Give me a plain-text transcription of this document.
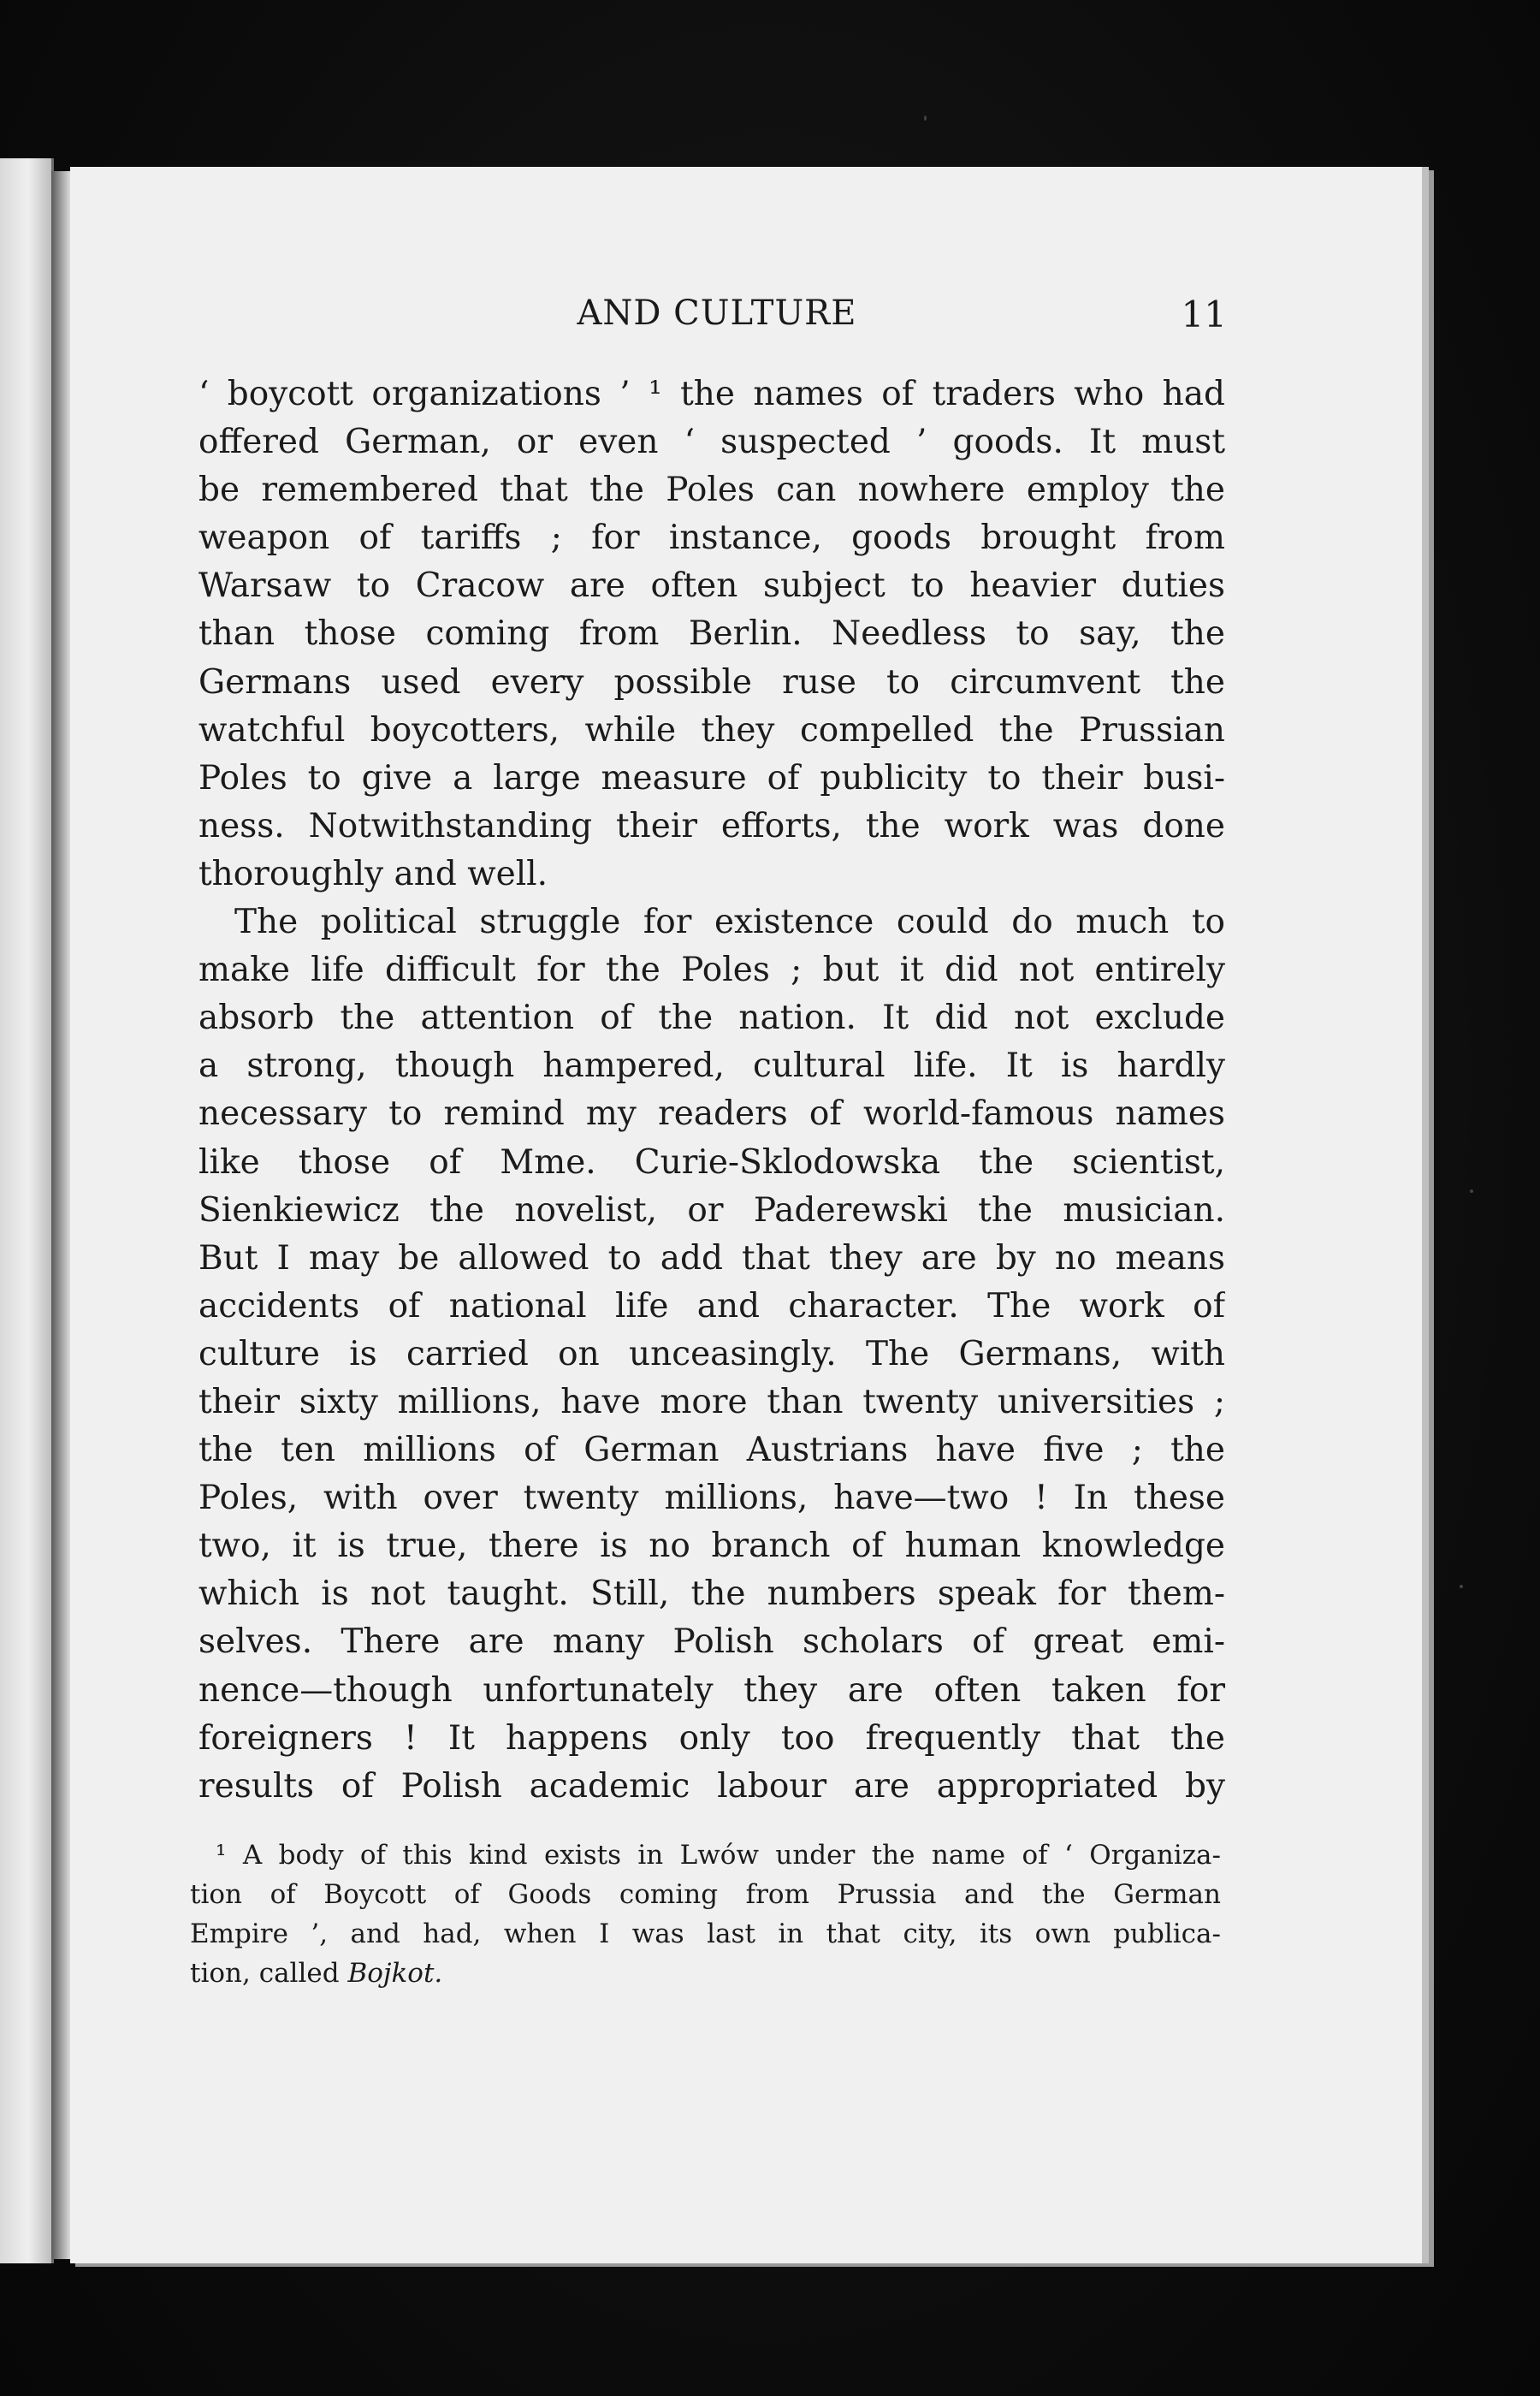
AND CULTURE	11
‘ boycott organizations ’ ¹ the names of traders who had
offered German, or even ‘ suspected ’ goods. It must
be remembered that the Poles can nowhere employ the
weapon of tariffs ; for instance, goods brought from
Warsaw to Cracow are often subject to heavier duties
than those coming from Berlin. Needless to say, the
Germans used every possible ruse to circumvent the
watchful boycotters, while they compelled the Prussian
Poles to give a large measure of publicity to their busi-
ness. Notwithstanding their efforts, the work was done
thoroughly and well.
The political struggle for existence could do much to
make life difficult for the Poles ; but it did not entirely
absorb the attention of the nation. It did not exclude
a strong, though hampered, cultural life. It is hardly
necessary to remind my readers of world-famous names
like those of Mme. Curie-Sklodowska the scientist,
Sienkiewicz the novelist, or Paderewski the musician.
But I may be allowed to add that they are by no means
accidents of national life and character. The work of
culture is carried on unceasingly. The Germans, with
their sixty millions, have more than twenty universities ;
the ten millions of German Austrians have five ; the
Poles, with over twenty millions, have—two ! In these
two, it is true, there is no branch of human knowledge
which is not taught. Still, the numbers speak for them-
selves. There are many Polish scholars of great emi-
nence—though unfortunately they are often taken for
foreigners ! It happens only too frequently that the
results of Polish academic labour are appropriated by
¹ A body of this kind exists in Lwów under the name of ‘ Organiza-
tion of Boycott of Goods coming from Prussia and the German
Empire ’, and had, when I was last in that city, its own publica-
tion, called Bojkot.
